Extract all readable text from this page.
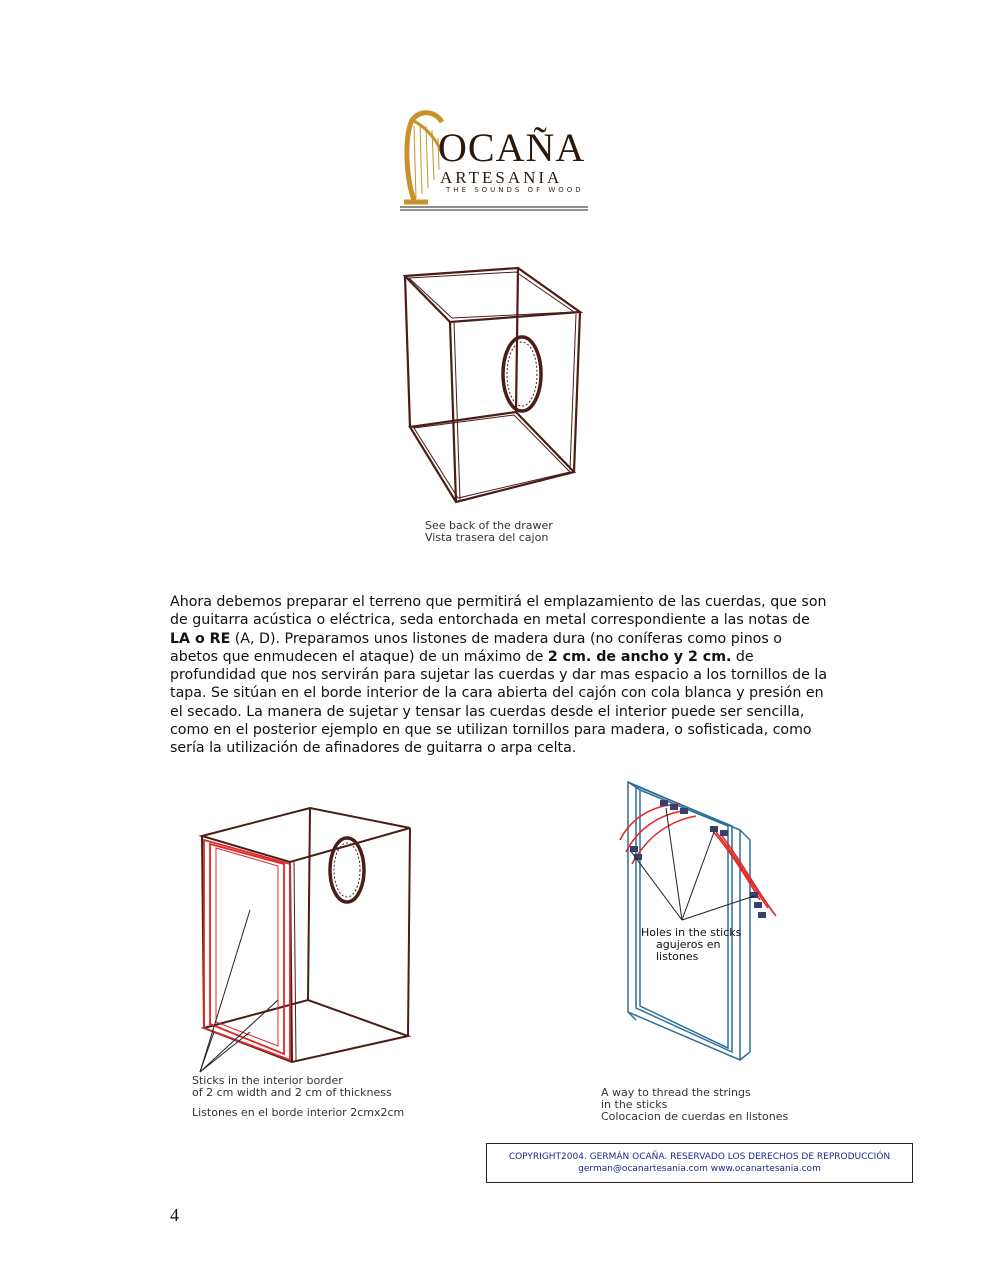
OCAÑA
ARTESANIA
THE SOUNDS OF WOOD
See back of the drawer
Vista trasera del cajon
Ahora debemos preparar el terreno que permitirá el emplazamiento de las cuerdas, que son de guitarra acústica o eléctrica, seda entorchada en metal correspondiente a las notas de LA o RE (A, D). Preparamos unos listones de madera dura (no coníferas como pinos o abetos que enmudecen el ataque) de un máximo de 2 cm. de ancho y 2 cm. de profundidad que nos servirán para sujetar las cuerdas y dar mas espacio a los tornillos de la tapa. Se sitúan en el borde interior de la cara abierta del cajón con cola blanca y presión en el secado. La manera de sujetar y tensar las cuerdas desde el interior puede ser sencilla, como en el posterior ejemplo en que se utilizan tornillos para madera, o sofisticada, como sería la utilización de afinadores de guitarra o arpa celta.
Sticks in the interior border
of 2 cm width and 2 cm of thickness
Listones en el borde interior 2cmx2cm
Holes in the sticks
agujeros en
listones
A way to thread the strings
in the sticks
Colocacion de cuerdas en listones
COPYRIGHT2004. GERMÁN OCAÑA. RESERVADO LOS DERECHOS DE REPRODUCCIÓN
german@ocanartesania.com www.ocanartesania.com
4
